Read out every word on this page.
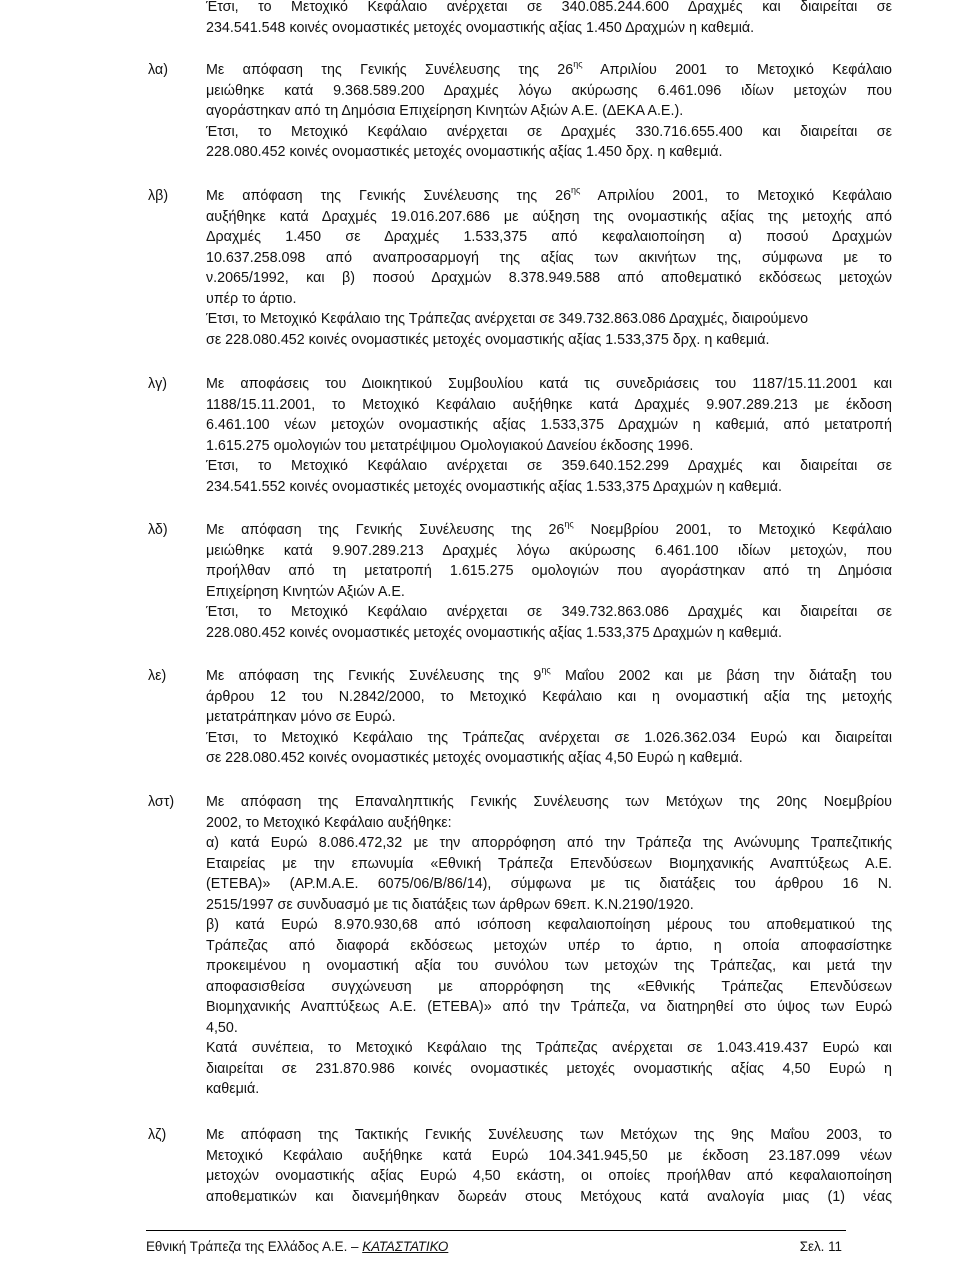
Έτσι, το Μετοχικό Κεφάλαιο ανέρχεται σε 340.085.244.600 Δραχμές και διαιρείται σε
234.541.548 κοινές ονομαστικές μετοχές ονομαστικής αξίας 1.450 Δραχμών η καθεμιά.
λα)	Με απόφαση της Γενικής Συνέλευσης της $26^{\eta\varsigma}$ Απριλίου 2001 το Μετοχικό Κεφάλαιο
μειώθηκε κατά 9.368.589.200 Δραχμές λόγω ακύρωσης 6.461.096 ιδίων μετοχών που
αγοράστηκαν από τη Δημόσια Επιχείρηση Κινητών Αξιών Α.Ε. (ΔΕΚΑ Α.Ε.).
Έτσι, το Μετοχικό Κεφάλαιο ανέρχεται σε Δραχμές 330.716.655.400 και διαιρείται σε
228.080.452 κοινές ονομαστικές μετοχές ονομαστικής αξίας 1.450 δρχ. η καθεμιά.
λβ)	Με απόφαση της Γενικής Συνέλευσης της $26^{\eta\varsigma}$ Απριλίου 2001, το Μετοχικό Κεφάλαιο
αυξήθηκε κατά Δραχμές 19.016.207.686 με αύξηση της ονομαστικής αξίας της μετοχής από
Δραχμές 1.450 σε Δραχμές 1.533,375 από κεφαλαιοποίηση α) ποσού Δραχμών
10.637.258.098 από αναπροσαρμογή της αξίας των ακινήτων της, σύμφωνα με το
ν.2065/1992, και β) ποσού Δραχμών 8.378.949.588 από αποθεματικό εκδόσεως μετοχών
υπέρ το άρτιο.
Έτσι, το Μετοχικό Κεφάλαιο της Τράπεζας ανέρχεται σε 349.732.863.086 Δραχμές, διαιρούμενο
σε 228.080.452 κοινές ονομαστικές μετοχές ονομαστικής αξίας 1.533,375 δρχ. η καθεμιά.
λγ)	Με αποφάσεις του Διοικητικού Συμβουλίου κατά τις συνεδριάσεις του 1187/15.11.2001 και
1188/15.11.2001, το Μετοχικό Κεφάλαιο αυξήθηκε κατά Δραχμές 9.907.289.213 με έκδοση
6.461.100 νέων μετοχών ονομαστικής αξίας 1.533,375 Δραχμών η καθεμιά, από μετατροπή
1.615.275 ομολογιών του μετατρέψιμου Ομολογιακού Δανείου έκδοσης 1996.
Έτσι, το Μετοχικό Κεφάλαιο ανέρχεται σε 359.640.152.299 Δραχμές και διαιρείται σε
234.541.552 κοινές ονομαστικές μετοχές ονομαστικής αξίας 1.533,375 Δραχμών η καθεμιά.
λδ)	Με απόφαση της Γενικής Συνέλευσης της $26^{\eta\varsigma}$ Νοεμβρίου 2001, το Μετοχικό Κεφάλαιο
μειώθηκε κατά 9.907.289.213 Δραχμές λόγω ακύρωσης 6.461.100 ιδίων μετοχών, που
προήλθαν από τη μετατροπή 1.615.275 ομολογιών που αγοράστηκαν από τη Δημόσια
Επιχείρηση Κινητών Αξιών Α.Ε.
Έτσι, το Μετοχικό Κεφάλαιο ανέρχεται σε 349.732.863.086 Δραχμές και διαιρείται σε
228.080.452 κοινές ονομαστικές μετοχές ονομαστικής αξίας 1.533,375 Δραχμών η καθεμιά.
λε)	Με απόφαση της Γενικής Συνέλευσης της $9^{\eta\varsigma}$ Μαΐου 2002 και με βάση την διάταξη του
άρθρου 12 του Ν.2842/2000, το Μετοχικό Κεφάλαιο και η ονομαστική αξία της μετοχής
μετατράπηκαν μόνο σε Ευρώ.
Έτσι, το Μετοχικό Κεφάλαιο της Τράπεζας ανέρχεται σε 1.026.362.034 Ευρώ και διαιρείται
σε 228.080.452 κοινές ονομαστικές μετοχές ονομαστικής αξίας 4,50 Ευρώ η καθεμιά.
λστ) Με απόφαση της Επαναληπτικής Γενικής Συνέλευσης των Μετόχων της 20ης Νοεμβρίου
2002, το Μετοχικό Κεφάλαιο αυξήθηκε:
α) κατά Ευρώ 8.086.472,32 με την απορρόφηση από την Τράπεζα της Ανώνυμης Τραπεζιτικής
Εταιρείας με την επωνυμία «Εθνική Τράπεζα Επενδύσεων Βιομηχανικής Αναπτύξεως Α.Ε.
(ΕΤΕΒΑ)» (ΑΡ.Μ.Α.Ε. 6075/06/Β/86/14), σύμφωνα με τις διατάξεις του άρθρου 16 Ν.
2515/1997 σε συνδυασμό με τις διατάξεις των άρθρων 69επ. Κ.Ν.2190/1920.
β) κατά Ευρώ 8.970.930,68 από ισόποση κεφαλαιοποίηση μέρους του αποθεματικού της
Τράπεζας από διαφορά εκδόσεως μετοχών υπέρ το άρτιο, η οποία αποφασίστηκε
προκειμένου η ονομαστική αξία του συνόλου των μετοχών της Τράπεζας, και μετά την
αποφασισθείσα συγχώνευση με απορρόφηση της «Εθνικής Τράπεζας Επενδύσεων
Βιομηχανικής Αναπτύξεως Α.Ε. (ΕΤΕΒΑ)» από την Τράπεζα, να διατηρηθεί στο ύψος των Ευρώ
4,50.
Κατά συνέπεια, το Μετοχικό Κεφάλαιο της Τράπεζας ανέρχεται σε 1.043.419.437 Ευρώ και
διαιρείται σε 231.870.986 κοινές ονομαστικές μετοχές ονομαστικής αξίας 4,50 Ευρώ η
καθεμιά.
λζ)	Με απόφαση της Τακτικής Γενικής Συνέλευσης των Μετόχων της 9ης Μαΐου 2003, το
Μετοχικό Κεφάλαιο αυξήθηκε κατά Ευρώ 104.341.945,50 με έκδοση 23.187.099 νέων
μετοχών ονομαστικής αξίας Ευρώ 4,50 εκάστη, οι οποίες προήλθαν από κεφαλαιοποίηση
αποθεματικών και διανεμήθηκαν δωρεάν στους Μετόχους κατά αναλογία μιας (1) νέας
Εθνική Τράπεζα της Ελλάδος Α.Ε. – ΚΑΤΑΣΤΑΤΙΚΟ	Σελ. 11
